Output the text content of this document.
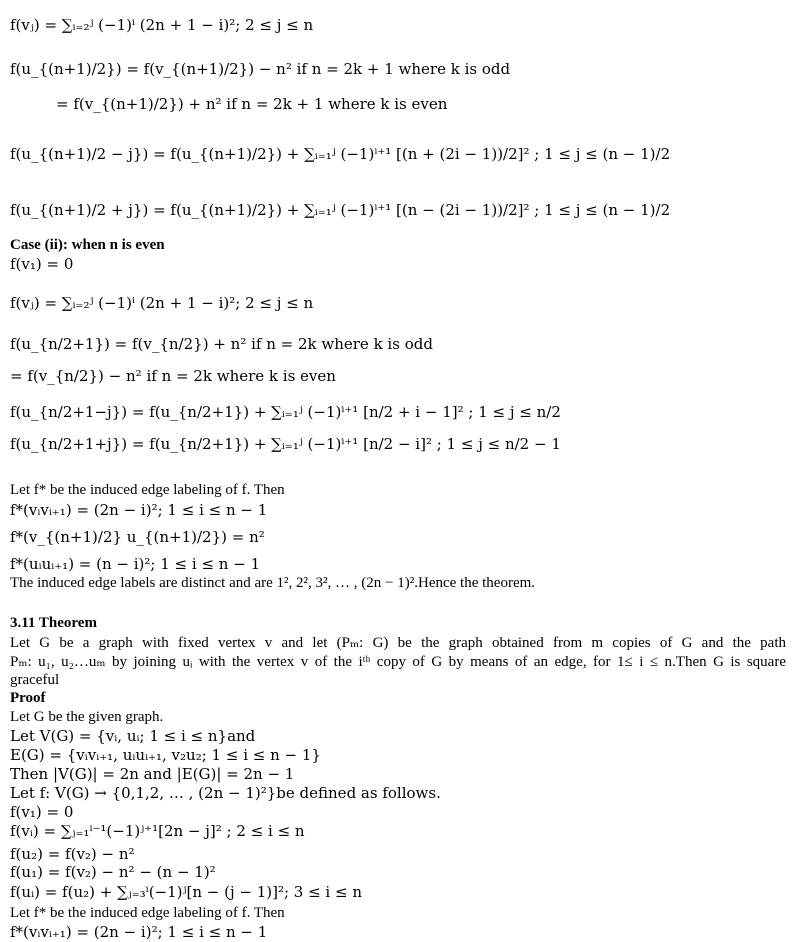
f(vⱼ) = ∑ᵢ₌₂ʲ (−1)ⁱ (2n + 1 − i)²; 2 ≤ j ≤ n
f(u_{(n+1)/2}) = f(v_{(n+1)/2}) − n² if n = 2k + 1 where k is odd
= f(v_{(n+1)/2}) + n² if n = 2k + 1 where k is even
f(u_{(n+1)/2 − j}) = f(u_{(n+1)/2}) + ∑ᵢ₌₁ʲ (−1)ⁱ⁺¹ [(n + (2i − 1))/2]² ; 1 ≤ j ≤ (n − 1)/2
f(u_{(n+1)/2 + j}) = f(u_{(n+1)/2}) + ∑ᵢ₌₁ʲ (−1)ⁱ⁺¹ [(n − (2i − 1))/2]² ; 1 ≤ j ≤ (n − 1)/2
Case (ii): when n is even
f(v₁) = 0
f(vⱼ) = ∑ᵢ₌₂ʲ (−1)ⁱ (2n + 1 − i)²; 2 ≤ j ≤ n
f(u_{n/2+1}) = f(v_{n/2}) + n² if n = 2k where k is odd
= f(v_{n/2}) − n² if n = 2k where k is even
f(u_{n/2+1−j}) = f(u_{n/2+1}) + ∑ᵢ₌₁ʲ (−1)ⁱ⁺¹ [n/2 + i − 1]² ; 1 ≤ j ≤ n/2
f(u_{n/2+1+j}) = f(u_{n/2+1}) + ∑ᵢ₌₁ʲ (−1)ⁱ⁺¹ [n/2 − i]² ; 1 ≤ j ≤ n/2 − 1
Let f* be the induced edge labeling of f. Then
f*(vᵢvᵢ₊₁) = (2n − i)²; 1 ≤ i ≤ n − 1
f*(v_{(n+1)/2} u_{(n+1)/2}) = n²
f*(uᵢuᵢ₊₁) = (n − i)²; 1 ≤ i ≤ n − 1
The induced edge labels are distinct and are 1², 2², 3², … , (2n − 1)².Hence the theorem.
3.11 Theorem
Let G be a graph with fixed vertex v and let (Pₘ: G) be the graph obtained from m copies of G and the path
Pₘ: u₁, u₂…uₘ by joining uᵢ with the vertex v of the iᵗʰ copy of G by means of an edge, for 1≤ i ≤ n.Then G is square
graceful
Proof
Let G be the given graph.
Let V(G) = {vᵢ, uᵢ; 1 ≤ i ≤ n}and
E(G) = {vᵢvᵢ₊₁, uᵢuᵢ₊₁, v₂u₂; 1 ≤ i ≤ n − 1}
Then |V(G)| = 2n and |E(G)| = 2n − 1
Let f: V(G) → {0,1,2, … , (2n − 1)²}be defined as follows.
f(v₁) = 0
f(vᵢ) = ∑ⱼ₌₁ⁱ⁻¹(−1)ʲ⁺¹[2n − j]² ; 2 ≤ i ≤ n
f(u₂) = f(v₂) − n²
f(u₁) = f(v₂) − n² − (n − 1)²
f(uᵢ) = f(u₂) + ∑ⱼ₌₃ⁱ(−1)ʲ[n − (j − 1)]²; 3 ≤ i ≤ n
Let f* be the induced edge labeling of f. Then
f*(vᵢvᵢ₊₁) = (2n − i)²; 1 ≤ i ≤ n − 1
